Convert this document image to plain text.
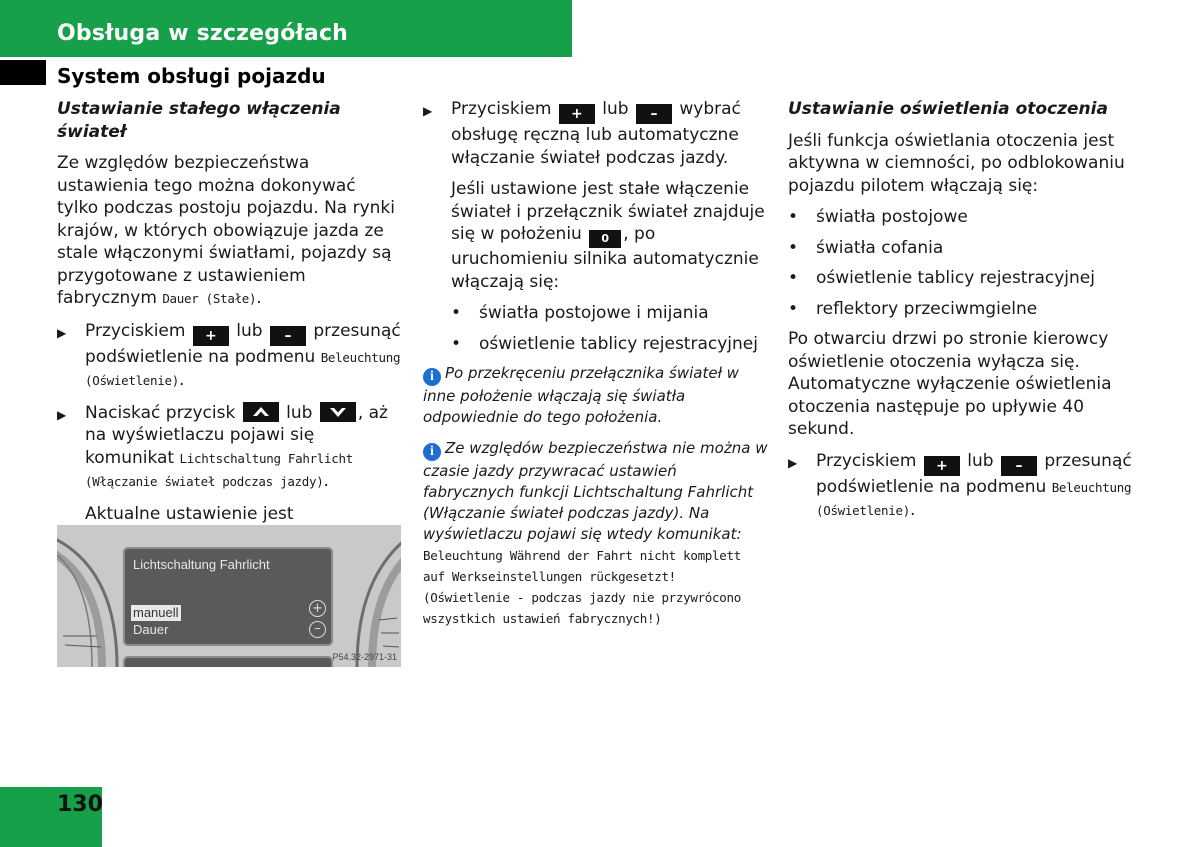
Obsługa w szczegółach
System obsługi pojazdu
Ustawianie stałego włączenia świateł

Ze względów bezpieczeństwa ustawienia tego można dokonywać tylko podczas postoju pojazdu. Na rynki krajów, w których obowiązuje jazda ze stale włączonymi światłami, pojazdy są przygotowane z ustawieniem fabrycznym Dauer (Stałe).

▶	Przyciskiem + lub – przesunąć podświetlenie na podmenu Beleuchtung (Oświetlenie).
▶	Naciskać przycisk	lub	, aż na wyświetlaczu pojawi się komunikat Lichtschaltung Fahrlicht (Włączanie świateł podczas jazdy).

Aktualne ustawienie jest

Lichtschaltung Fahrlicht
manuell
Dauer
+
–
P54.32-2971-31
▶	Przyciskiem + lub – wybrać obsługę ręczną lub automatyczne włączanie świateł podczas jazdy.

Jeśli ustawione jest stałe włączenie świateł i przełącznik świateł znajduje się w położeniu 0 , po uruchomieniu silnika automatycznie włączają się:

•	światła postojowe i mijania
•	oświetlenie tablicy rejestracyjnej
i Po przekręceniu przełącznika świateł w inne położenie włączają się światła odpowiednie do tego położenia.
i Ze względów bezpieczeństwa nie można w czasie jazdy przywracać ustawień fabrycznych funkcji Lichtschaltung Fahrlicht (Włączanie świateł podczas jazdy). Na wyświetlaczu pojawi się wtedy komunikat: Beleuchtung Während der Fahrt nicht komplett auf Werkseinstellungen rückgesetzt! (Oświetlenie - podczas jazdy nie przywrócono wszystkich ustawień fabrycznych!)
Ustawianie oświetlenia otoczenia

Jeśli funkcja oświetlania otoczenia jest aktywna w ciemności, po odblokowaniu pojazdu pilotem włączają się:

•	światła postojowe
•	światła cofania
•	oświetlenie tablicy rejestracyjnej
•	reflektory przeciwmgielne

Po otwarciu drzwi po stronie kierowcy oświetlenie otoczenia wyłącza się. Automatyczne wyłączenie oświetlenia otoczenia następuje po upływie 40 sekund.

▶	Przyciskiem + lub – przesunąć podświetlenie na podmenu Beleuchtung (Oświetlenie).
130
